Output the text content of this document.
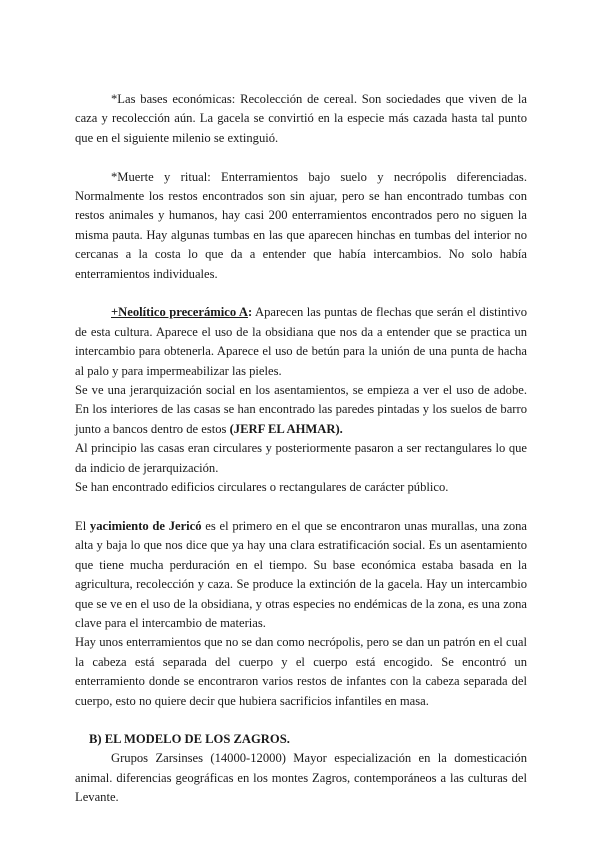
*Las bases económicas: Recolección de cereal. Son sociedades que viven de la caza y recolección aún. La gacela se convirtió en la especie más cazada hasta tal punto que en el siguiente milenio se extinguió.

*Muerte y ritual: Enterramientos bajo suelo y necrópolis diferenciadas. Normalmente los restos encontrados son sin ajuar, pero se han encontrado tumbas con restos animales y humanos, hay casi 200 enterramientos encontrados pero no siguen la misma pauta. Hay algunas tumbas en las que aparecen hinchas en tumbas del interior no cercanas a la costa lo que da a entender que había intercambios. No solo había enterramientos individuales.

+Neolítico precerámico A: Aparecen las puntas de flechas que serán el distintivo de esta cultura. Aparece el uso de la obsidiana que nos da a entender que se practica un intercambio para obtenerla. Aparece el uso de betún para la unión de una punta de hacha al palo y para impermeabilizar las pieles.

Se ve una jerarquización social en los asentamientos, se empieza a ver el uso de adobe. En los interiores de las casas se han encontrado las paredes pintadas y los suelos de barro junto a bancos dentro de estos (JERF EL AHMAR).

Al principio las casas eran circulares y posteriormente pasaron a ser rectangulares lo que da indicio de jerarquización.

Se han encontrado edificios circulares o rectangulares de carácter público.

El yacimiento de Jericó es el primero en el que se encontraron unas murallas, una zona alta y baja lo que nos dice que ya hay una clara estratificación social. Es un asentamiento que tiene mucha perduración en el tiempo. Su base económica estaba basada en la agricultura, recolección y caza. Se produce la extinción de la gacela. Hay un intercambio que se ve en el uso de la obsidiana, y otras especies no endémicas de la zona, es una zona clave para el intercambio de materias.

Hay unos enterramientos que no se dan como necrópolis, pero se dan un patrón en el cual la cabeza está separada del cuerpo y el cuerpo está encogido. Se encontró un enterramiento donde se encontraron varios restos de infantes con la cabeza separada del cuerpo, esto no quiere decir que hubiera sacrificios infantiles en masa.

B) EL MODELO DE LOS ZAGROS.

Grupos Zarsinses (14000-12000) Mayor especialización en la domesticación animal. diferencias geográficas en los montes Zagros, contemporáneos a las culturas del Levante.
